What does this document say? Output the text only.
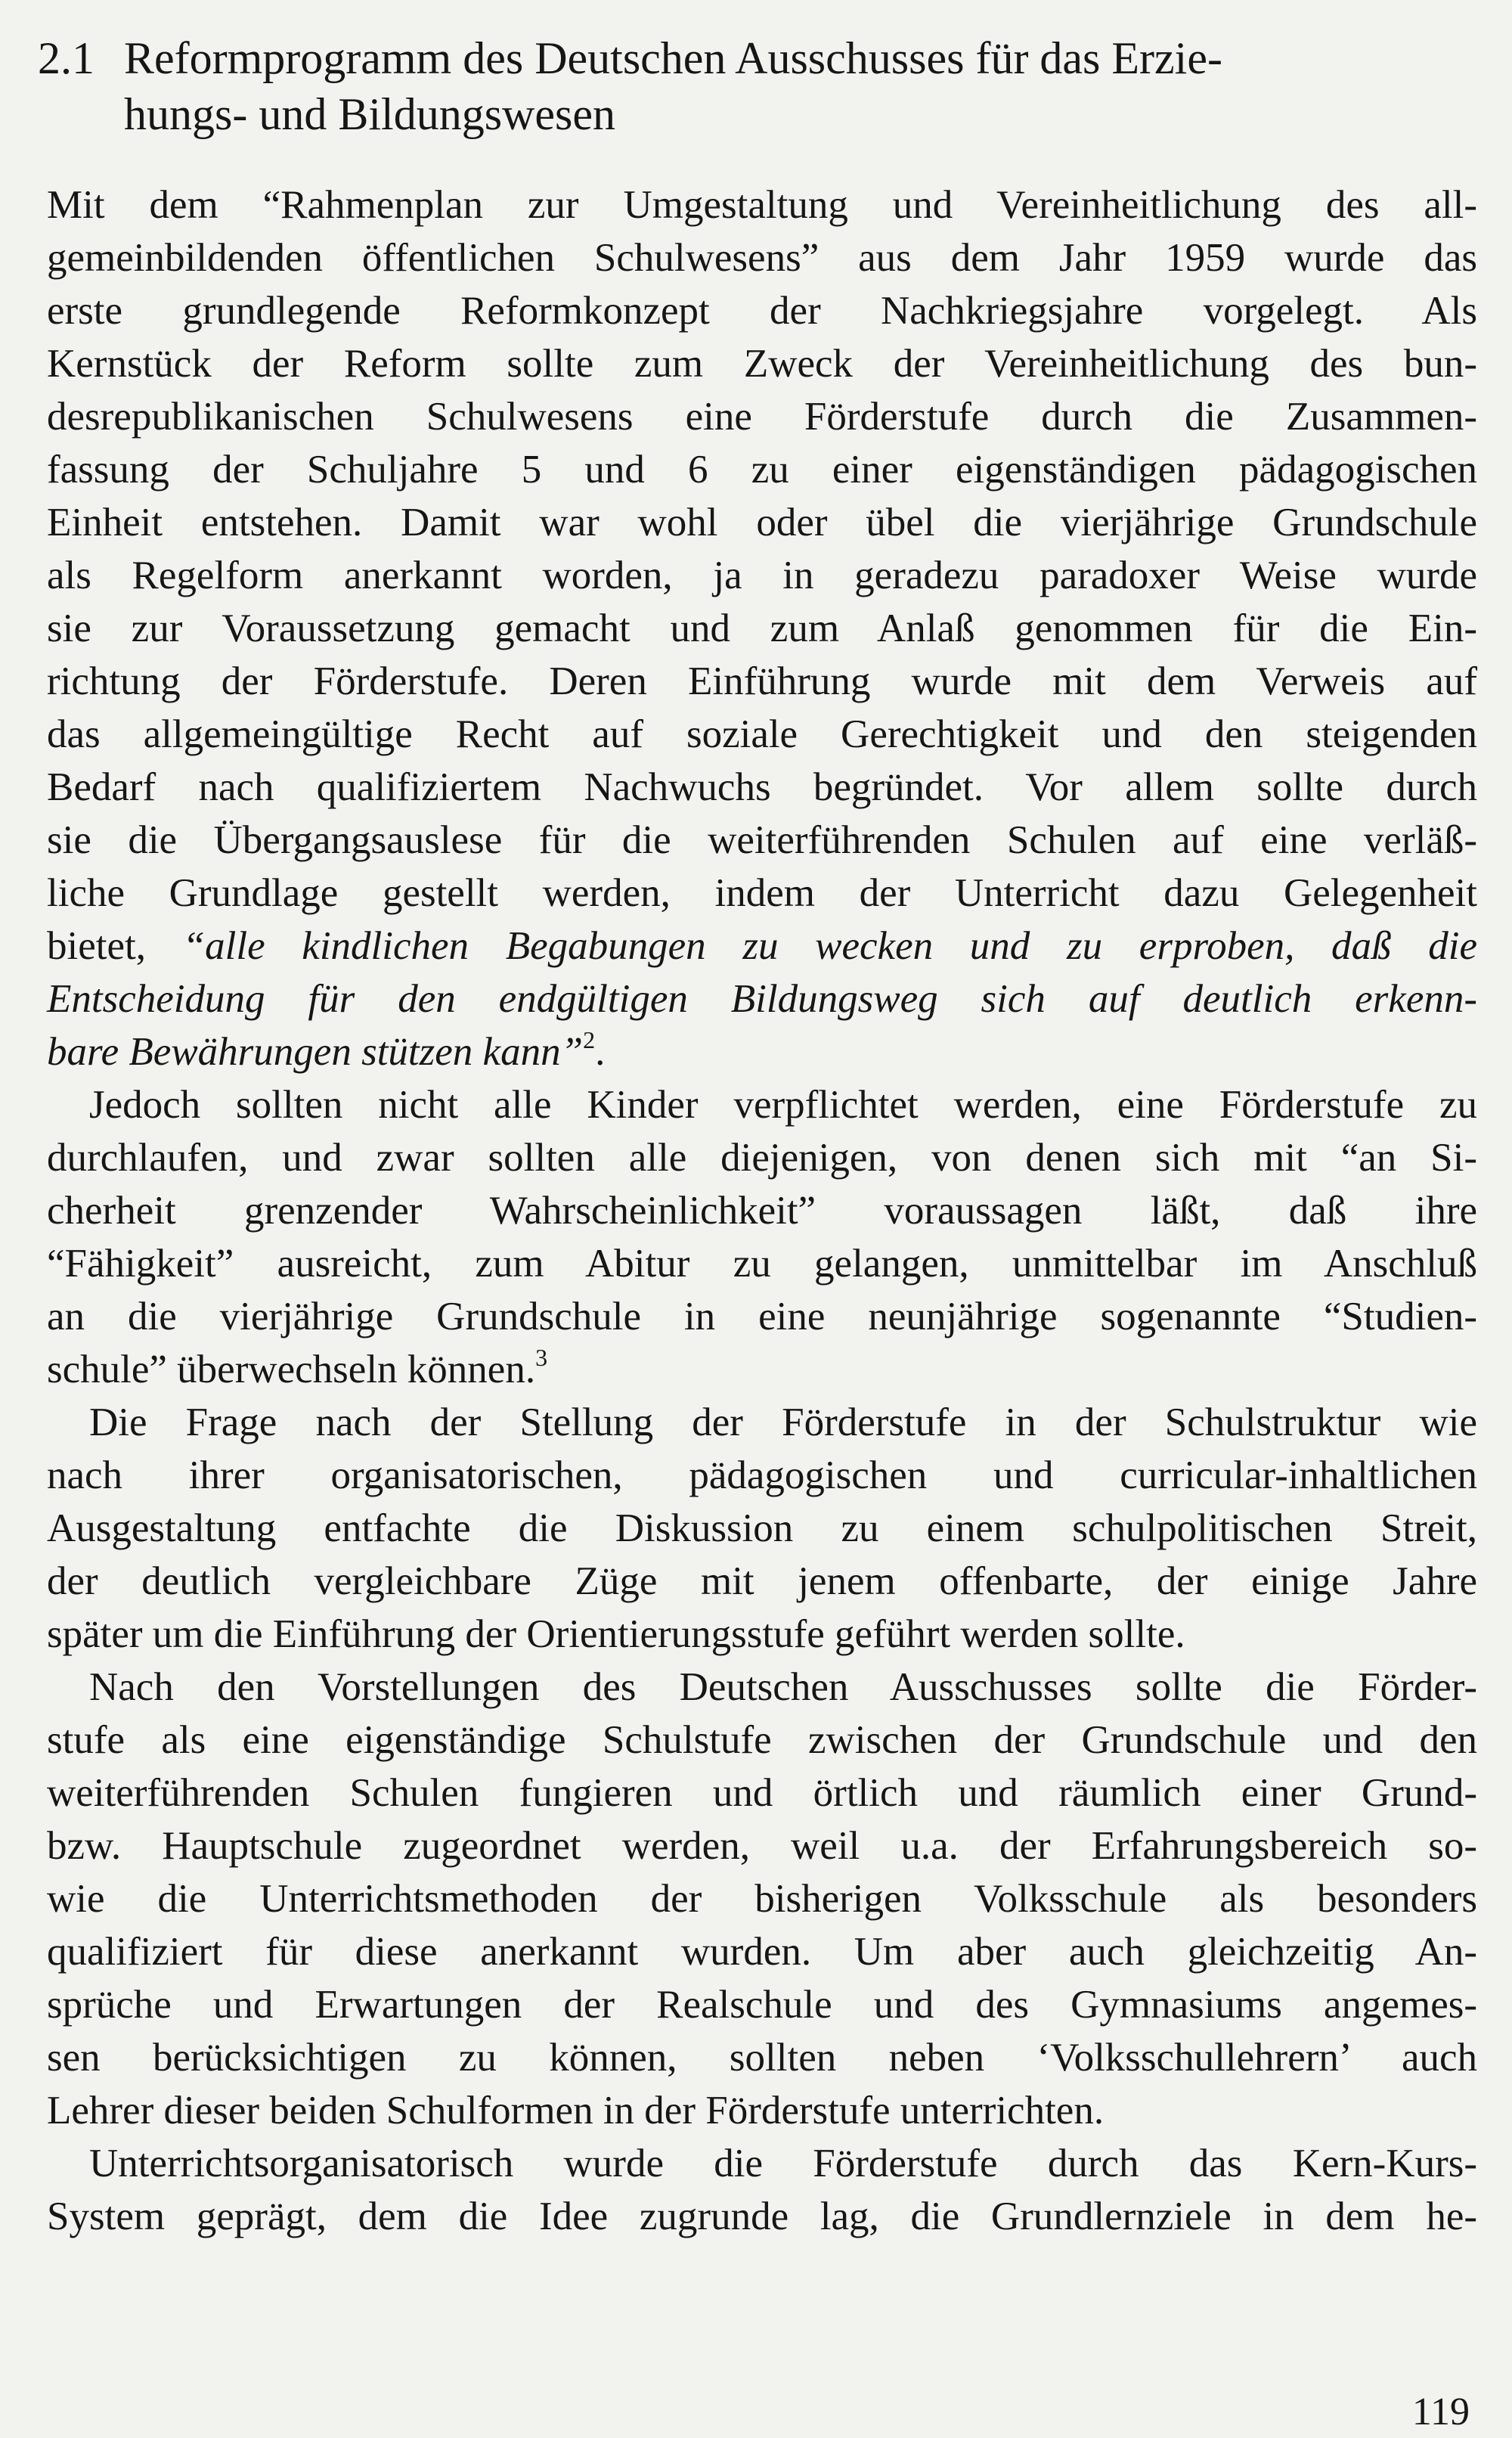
2.1 Reformprogramm des Deutschen Ausschusses für das Erzie-
hungs- und Bildungswesen
Mit dem “Rahmenplan zur Umgestaltung und Vereinheitlichung des all-
gemeinbildenden öffentlichen Schulwesens” aus dem Jahr 1959 wurde das
erste grundlegende Reformkonzept der Nachkriegsjahre vorgelegt. Als
Kernstück der Reform sollte zum Zweck der Vereinheitlichung des bun-
desrepublikanischen Schulwesens eine Förderstufe durch die Zusammen-
fassung der Schuljahre 5 und 6 zu einer eigenständigen pädagogischen
Einheit entstehen. Damit war wohl oder übel die vierjährige Grundschule
als Regelform anerkannt worden, ja in geradezu paradoxer Weise wurde
sie zur Voraussetzung gemacht und zum Anlaß genommen für die Ein-
richtung der Förderstufe. Deren Einführung wurde mit dem Verweis auf
das allgemeingültige Recht auf soziale Gerechtigkeit und den steigenden
Bedarf nach qualifiziertem Nachwuchs begründet. Vor allem sollte durch
sie die Übergangsauslese für die weiterführenden Schulen auf eine verläß-
liche Grundlage gestellt werden, indem der Unterricht dazu Gelegenheit
bietet, “alle kindlichen Begabungen zu wecken und zu erproben, daß die
Entscheidung für den endgültigen Bildungsweg sich auf deutlich erkenn-
bare Bewährungen stützen kann”$^2$.
Jedoch sollten nicht alle Kinder verpflichtet werden, eine Förderstufe zu
durchlaufen, und zwar sollten alle diejenigen, von denen sich mit “an Si-
cherheit grenzender Wahrscheinlichkeit” voraussagen läßt, daß ihre
“Fähigkeit” ausreicht, zum Abitur zu gelangen, unmittelbar im Anschluß
an die vierjährige Grundschule in eine neunjährige sogenannte “Studien-
schule” überwechseln können.$^3$
Die Frage nach der Stellung der Förderstufe in der Schulstruktur wie
nach ihrer organisatorischen, pädagogischen und curricular-inhaltlichen
Ausgestaltung entfachte die Diskussion zu einem schulpolitischen Streit,
der deutlich vergleichbare Züge mit jenem offenbarte, der einige Jahre
später um die Einführung der Orientierungsstufe geführt werden sollte.
Nach den Vorstellungen des Deutschen Ausschusses sollte die Förder-
stufe als eine eigenständige Schulstufe zwischen der Grundschule und den
weiterführenden Schulen fungieren und örtlich und räumlich einer Grund-
bzw. Hauptschule zugeordnet werden, weil u.a. der Erfahrungsbereich so-
wie die Unterrichtsmethoden der bisherigen Volksschule als besonders
qualifiziert für diese anerkannt wurden. Um aber auch gleichzeitig An-
sprüche und Erwartungen der Realschule und des Gymnasiums angemes-
sen berücksichtigen zu können, sollten neben ‘Volksschullehrern’ auch
Lehrer dieser beiden Schulformen in der Förderstufe unterrichten.
Unterrichtsorganisatorisch wurde die Förderstufe durch das Kern-Kurs-
System geprägt, dem die Idee zugrunde lag, die Grundlernziele in dem he-
119
